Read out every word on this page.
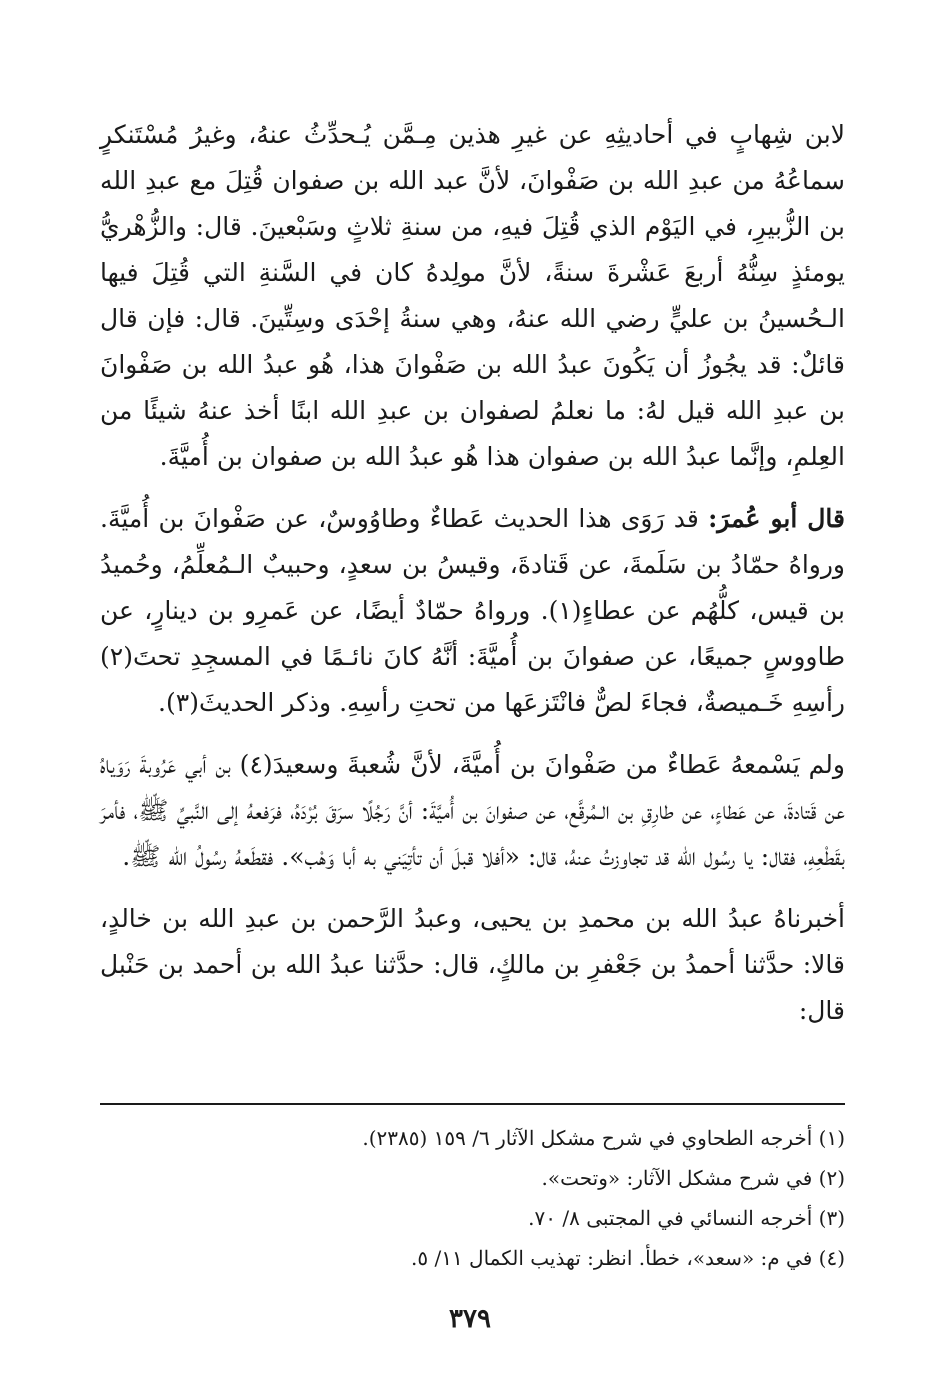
لابن شِهابٍ في أحاديثِهِ عن غيرِ هذين مِـمَّن يُـحدِّثُ عنهُ، وغيرُ مُسْتَنكرٍ سماعُهُ من عبدِ الله بن صَفْوانَ، لأنَّ عبد الله بن صفوان قُتِلَ مع عبدِ الله بن الزُّبيرِ، في اليَوْم الذي قُتِلَ فيهِ، من سنةِ ثلاثٍ وسَبْعينَ. قال: والزُّهْريُّ يومئذٍ سِنُّهُ أربعَ عَشْرةَ سنةً، لأنَّ مولِدهُ كان في السَّنةِ التي قُتِلَ فيها الـحُسينُ بن عليٍّ رضي الله عنهُ، وهي سنةُ إحْدَى وسِتِّينَ. قال: فإن قال قائلٌ: قد يجُوزُ أن يَكُونَ عبدُ الله بن صَفْوانَ هذا، هُو عبدُ الله بن صَفْوانَ بن عبدِ الله قيل لهُ: ما نعلمُ لصفوان بن عبدِ الله ابنًا أخذ عنهُ شيئًا من العِلمِ، وإنَّما عبدُ الله بن صفوان هذا هُو عبدُ الله بن صفوان بن أُميَّةَ.

قال أبو عُمرَ: قد رَوَى هذا الحديث عَطاءٌ وطاوُوسٌ، عن صَفْوانَ بن أُميَّةَ. ورواهُ حمّادُ بن سَلَمةَ، عن قَتادةَ، وقيسُ بن سعدٍ، وحبيبٌ الـمُعلِّمُ، وحُميدُ بن قيس، كلُّهُم عن عطاءٍ(١). ورواهُ حمّادٌ أيضًا، عن عَمرِو بن دينارٍ، عن طاووسٍ جميعًا، عن صفوانَ بن أُميَّةَ: أنَّهُ كانَ نائـمًا في المسجِدِ تحتَ(٢) رأسِهِ خَـميصةٌ، فجاءَ لصٌّ فانْتَزعَها من تحتِ رأسِهِ. وذكر الحديثَ(٣).

ولم يَسْمعهُ عَطاءٌ من صَفْوانَ بن أُميَّةَ، لأنَّ شُعبةَ وسعيدَ(٤) بن أبي عَرُوبةَ رَوَياهُ عن قَتادةَ، عن عَطاءٍ، عن طارِقِ بن الـمُرقَّع، عن صفوانَ بن أُميَّةَ: أنَّ رَجُلًا سرَقَ بُرْدَهُ، فرَفعهُ إلى النَّبيِّ ﷺ، فأمرَ بقَطْعِهِ، فقال: يا رسُول الله قد تجاوزتُ عنهُ، قال: «أفلا قبلَ أن تأتِيَني به أبا وَهْب». فقطَعهُ رسُولُ الله ﷺ.

أخبرناهُ عبدُ الله بن محمدِ بن يحيى، وعبدُ الرَّحمن بن عبدِ الله بن خالدٍ، قالا: حدَّثنا أحمدُ بن جَعْفرِ بن مالكٍ، قال: حدَّثنا عبدُ الله بن أحمد بن حَنْبل قال:

(١) أخرجه الطحاوي في شرح مشكل الآثار ٦/ ١٥٩ (٢٣٨٥).

(٢) في شرح مشكل الآثار: «وتحت».

(٣) أخرجه النسائي في المجتبى ٨/ ٧٠.

(٤) في م: «سعد»، خطأ. انظر: تهذيب الكمال ١١/ ٥.

٣٧٩
